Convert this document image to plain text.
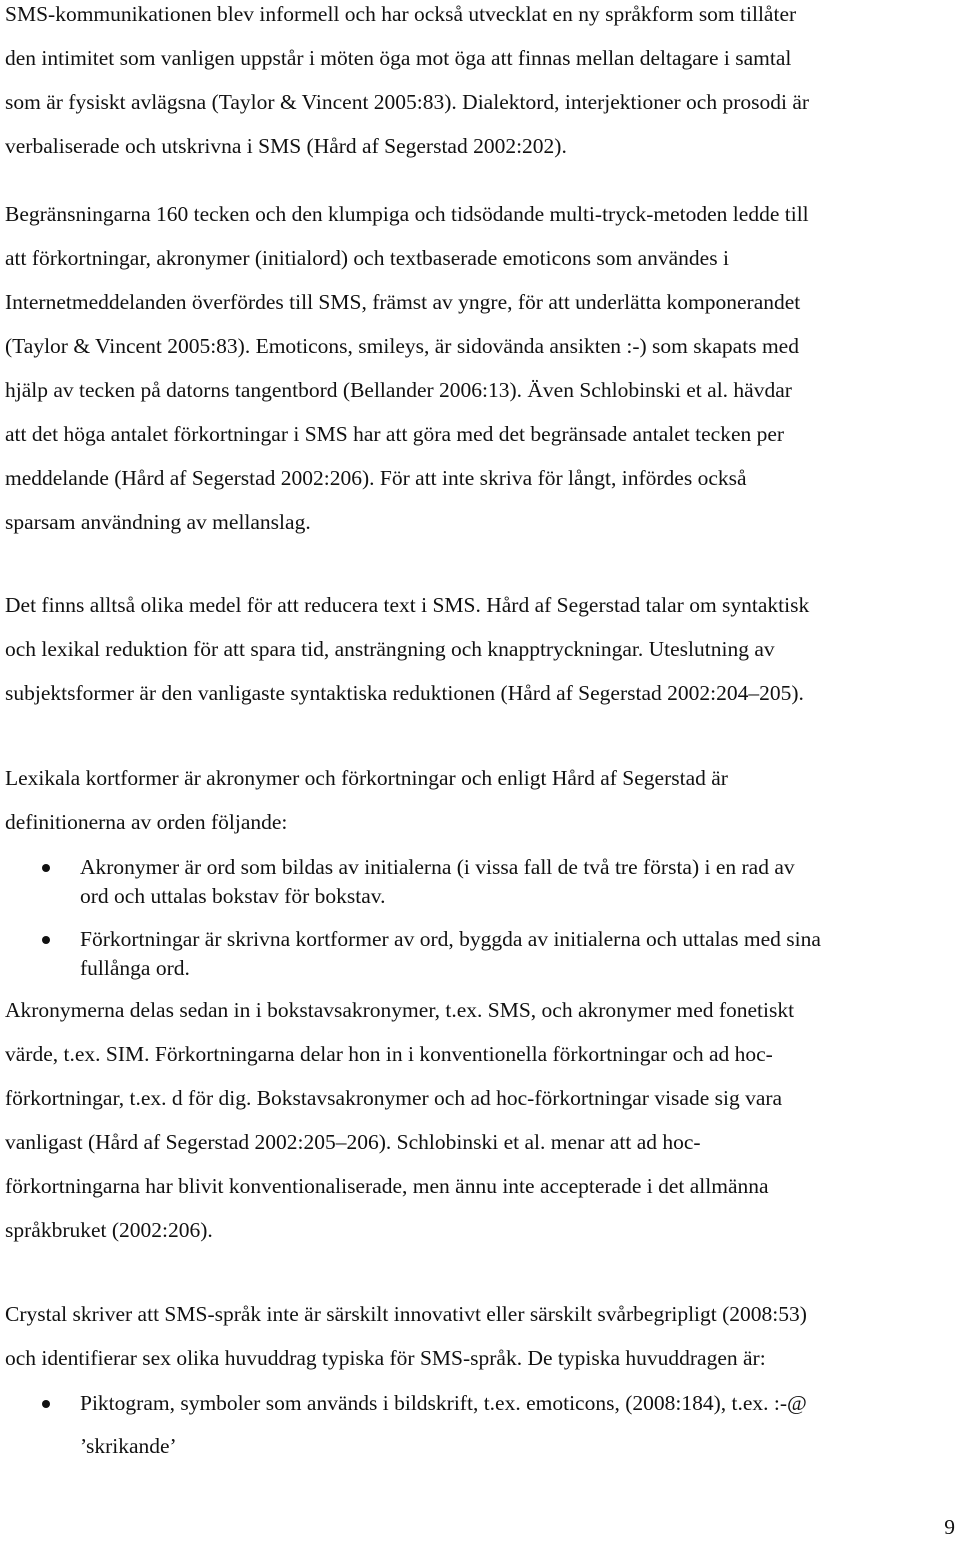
SMS-kommunikationen blev informell och har också utvecklat en ny språkform som tillåter
den intimitet som vanligen uppstår i möten öga mot öga att finnas mellan deltagare i samtal
som är fysiskt avlägsna (Taylor & Vincent 2005:83). Dialektord, interjektioner och prosodi är
verbaliserade och utskrivna i SMS (Hård af Segerstad 2002:202).

Begränsningarna 160 tecken och den klumpiga och tidsödande multi-tryck-metoden ledde till
att förkortningar, akronymer (initialord) och textbaserade emoticons som användes i
Internetmeddelanden överfördes till SMS, främst av yngre, för att underlätta komponerandet
(Taylor & Vincent 2005:83). Emoticons, smileys, är sidovända ansikten :-) som skapats med
hjälp av tecken på datorns tangentbord (Bellander 2006:13). Även Schlobinski et al. hävdar
att det höga antalet förkortningar i SMS har att göra med det begränsade antalet tecken per
meddelande (Hård af Segerstad 2002:206). För att inte skriva för långt, infördes också
sparsam användning av mellanslag.

Det finns alltså olika medel för att reducera text i SMS. Hård af Segerstad talar om syntaktisk
och lexikal reduktion för att spara tid, ansträngning och knapptryckningar. Uteslutning av
subjektsformer är den vanligaste syntaktiska reduktionen (Hård af Segerstad 2002:204‒205).

Lexikala kortformer är akronymer och förkortningar och enligt Hård af Segerstad är
definitionerna av orden följande:

Akronymer är ord som bildas av initialerna (i vissa fall de två tre första) i en rad av
ord och uttalas bokstav för bokstav.
Förkortningar är skrivna kortformer av ord, byggda av initialerna och uttalas med sina
fullånga ord.

Akronymerna delas sedan in i bokstavsakronymer, t.ex. SMS, och akronymer med fonetiskt
värde, t.ex. SIM. Förkortningarna delar hon in i konventionella förkortningar och ad hoc-
förkortningar, t.ex. d för dig. Bokstavsakronymer och ad hoc-förkortningar visade sig vara
vanligast (Hård af Segerstad 2002:205‒206). Schlobinski et al. menar att ad hoc-
förkortningarna har blivit konventionaliserade, men ännu inte accepterade i det allmänna
språkbruket (2002:206).

Crystal skriver att SMS-språk inte är särskilt innovativt eller särskilt svårbegripligt (2008:53)
och identifierar sex olika huvuddrag typiska för SMS-språk. De typiska huvuddragen är:

Piktogram, symboler som används i bildskrift, t.ex. emoticons, (2008:184), t.ex. :-@
’skrikande’
9
